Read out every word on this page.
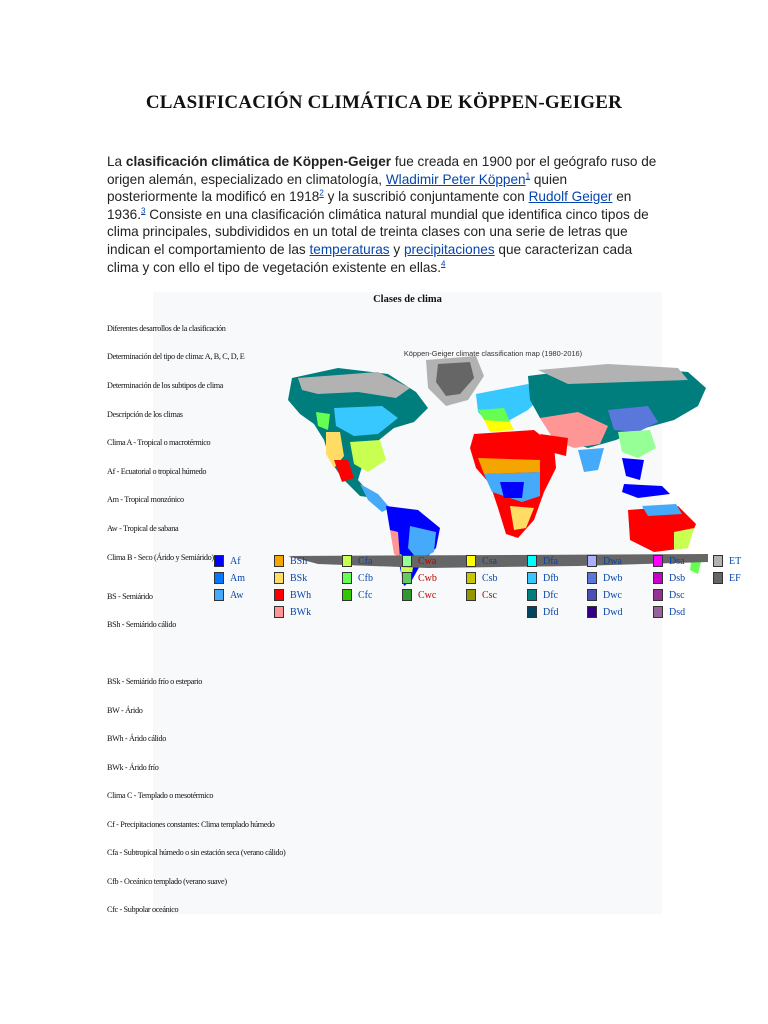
CLASIFICACIÓN CLIMÁTICA DE KÖPPEN-GEIGER
La clasificación climática de Köppen-Geiger fue creada en 1900 por el geógrafo ruso de origen alemán, especializado en climatología, Wladimir Peter Köppen$^1$ quien posteriormente la modificó en 1918$^2$ y la suscribió conjuntamente con Rudolf Geiger en 1936.$^3$ Consiste en una clasificación climática natural mundial que identifica cinco tipos de clima principales, subdivididos en un total de treinta clases con una serie de letras que indican el comportamiento de las temperaturas y precipitaciones que caracterizan cada clima y con ello el tipo de vegetación existente en ellas.$^4$
Clases de clima
Diferentes desarrollos de la clasificación
Determinación del tipo de clima: A, B, C, D, E
Determinación de los subtipos de clima
Descripción de los climas
Clima A - Tropical o macrotérmico
Af - Ecuatorial o tropical húmedo
Am - Tropical monzónico
Aw - Tropical de sabana
Clima B - Seco (Árido y Semiárido)
BS - Semiárido
BSh - Semiárido cálido
BSk - Semiárido frío o estepario
BW - Árido
BWh - Árido cálido
BWk - Árido frío
Clima C - Templado o mesotérmico
Cf - Precipitaciones constantes: Clima templado húmedo
Cfa - Subtropical húmedo o sin estación seca (verano cálido)
Cfb - Oceánico templado (verano suave)
Cfc - Subpolar oceánico
Köppen-Geiger climate classification map (1980-2016)
Af
Am
Aw
BSh
BSk
BWh
BWk
Cfa
Cfb
Cfc
Cwa
Cwb
Cwc
Csa
Csb
Csc
Dfa
Dfb
Dfc
Dfd
Dwa
Dwb
Dwc
Dwd
Dsa
Dsb
Dsc
Dsd
ET
EF
